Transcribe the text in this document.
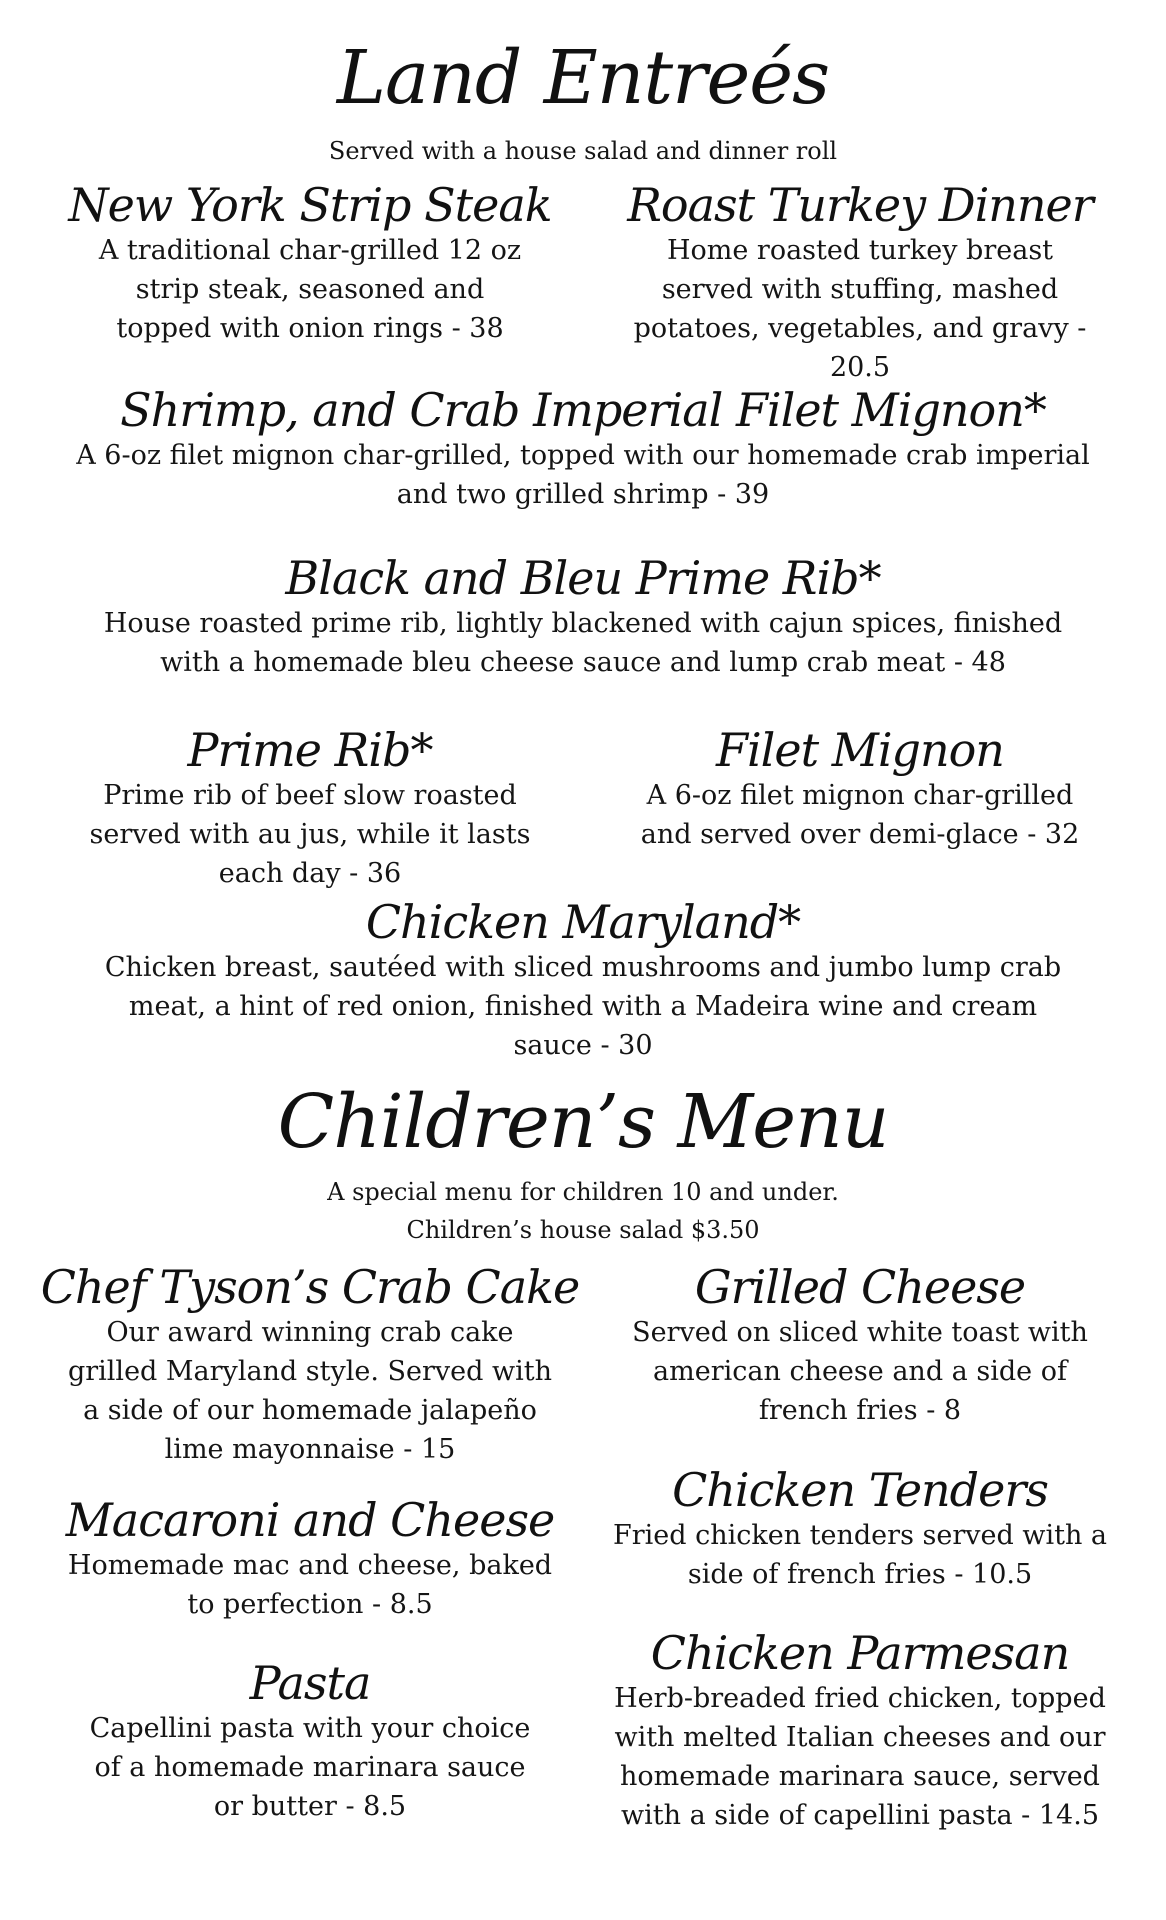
Land Entreés

Served with a house salad and dinner roll

New York Strip Steak

A traditional char-grilled 12 oz strip steak, seasoned and topped with onion rings - 38

Roast Turkey Dinner

Home roasted turkey breast served with stuffing, mashed potatoes, vegetables, and gravy - 20.5

Shrimp, and Crab Imperial Filet Mignon*

A 6-oz filet mignon char-grilled, topped with our homemade crab imperial and two grilled shrimp - 39

Black and Bleu Prime Rib*

House roasted prime rib, lightly blackened with cajun spices, finished with a homemade bleu cheese sauce and lump crab meat - 48

Prime Rib*

Prime rib of beef slow roasted served with au jus, while it lasts each day - 36

Filet Mignon

A 6-oz filet mignon char-grilled and served over demi-glace - 32

Chicken Maryland*

Chicken breast, sautéed with sliced mushrooms and jumbo lump crab meat, a hint of red onion, finished with a Madeira wine and cream sauce - 30

Children’s Menu

A special menu for children 10 and under.

Children’s house salad $3.50

Chef Tyson’s Crab Cake

Our award winning crab cake grilled Maryland style. Served with a side of our homemade jalapeño lime mayonnaise - 15

Macaroni and Cheese

Homemade mac and cheese, baked to perfection - 8.5

Pasta

Capellini pasta with your choice of a homemade marinara sauce or butter - 8.5

Grilled Cheese

Served on sliced white toast with american cheese and a side of french fries - 8

Chicken Tenders

Fried chicken tenders served with a side of french fries - 10.5

Chicken Parmesan

Herb-breaded fried chicken, topped with melted Italian cheeses and our homemade marinara sauce, served with a side of capellini pasta - 14.5
